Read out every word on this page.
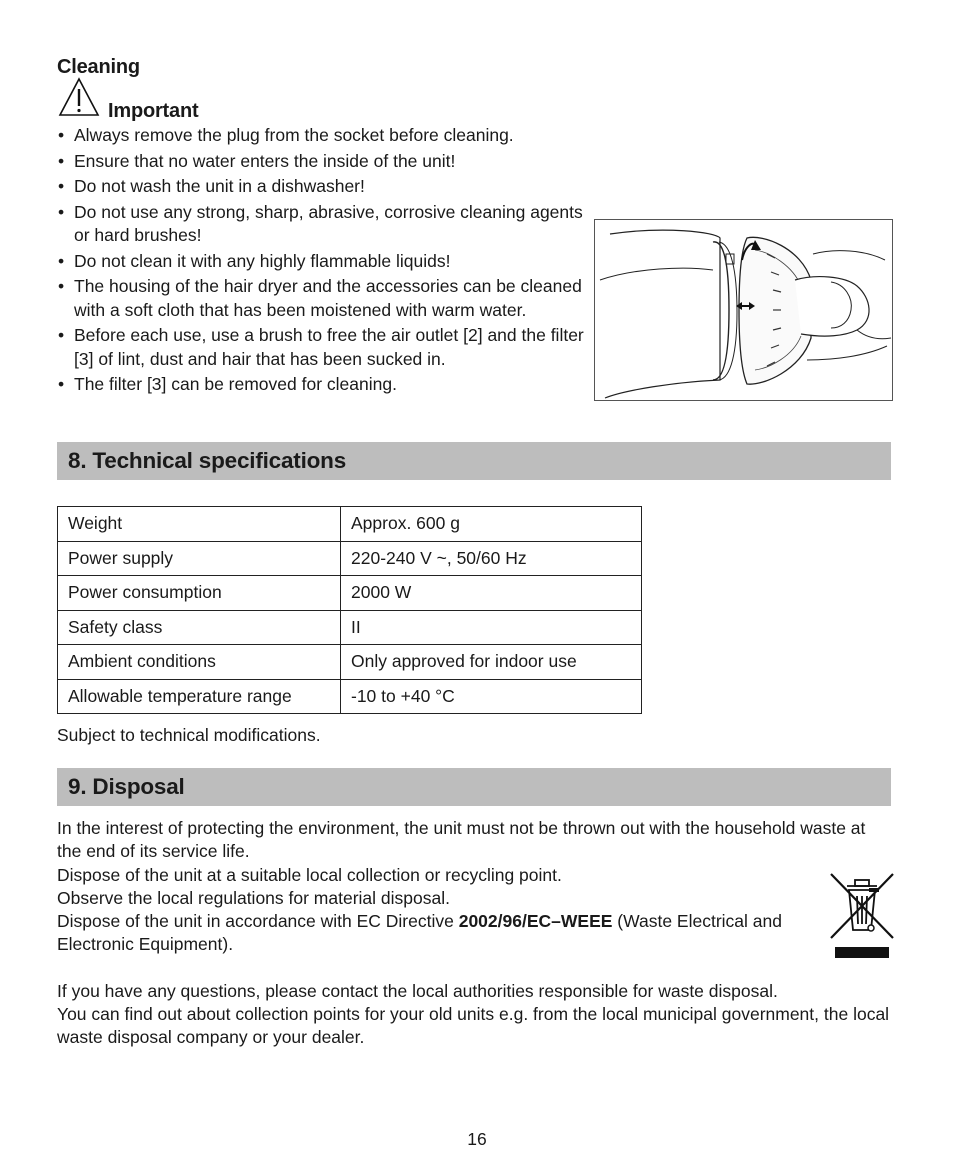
Cleaning
Important
• Always remove the plug from the socket before cleaning.
• Ensure that no water enters the inside of the unit!
• Do not wash the unit in a dishwasher!
• Do not use any strong, sharp, abrasive, corrosive cleaning agents or hard brushes!
• Do not clean it with any highly flammable liquids!
• The housing of the hair dryer and the accessories can be cleaned with a soft cloth that has been moistened with warm water.
• Before each use, use a brush to free the air outlet [2] and the filter [3] of lint, dust and hair that has been sucked in.
• The filter [3] can be removed for cleaning.
8. Technical specifications
Weight	Approx. 600 g
Power supply	220-240 V ~, 50/60 Hz
Power consumption	2000 W
Safety class	II
Ambient conditions	Only approved for indoor use
Allowable temperature range	-10 to +40 °C
Subject to technical modifications.
9. Disposal

In the interest of protecting the environment, the unit must not be thrown out with the household waste at the end of its service life.

Dispose of the unit at a suitable local collection or recycling point.

Observe the local regulations for material disposal.

Dispose of the unit in accordance with EC Directive 2002/96/EC–WEEE (Waste Electrical and Electronic Equipment).

If you have any questions, please contact the local authorities responsible for waste disposal.

You can find out about collection points for your old units e.g. from the local municipal government, the local waste disposal company or your dealer.

16
